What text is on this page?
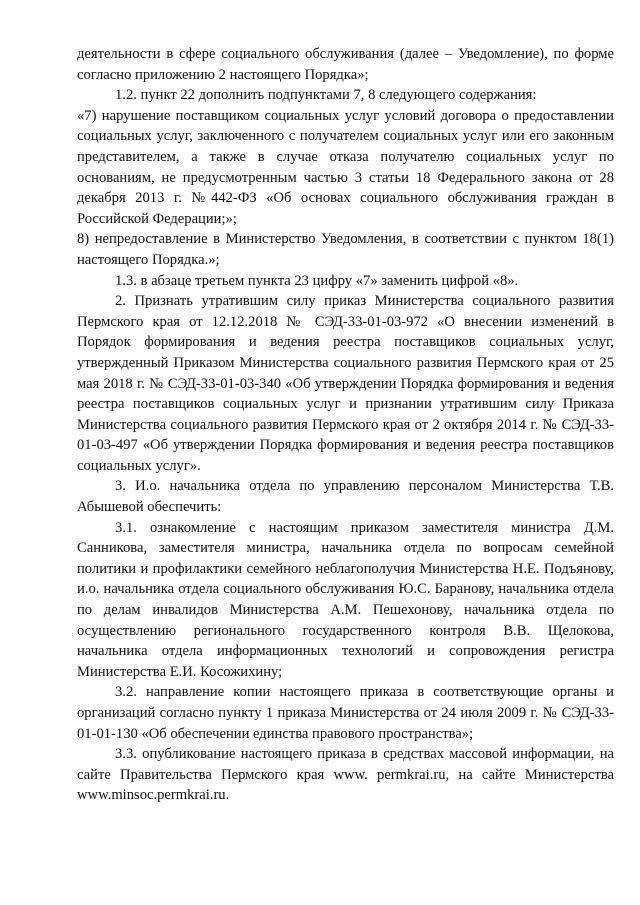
деятельности в сфере социального обслуживания (далее – Уведомление), по форме согласно приложению 2 настоящего Порядка»;

1.2. пункт 22 дополнить подпунктами 7, 8 следующего содержания:

«7) нарушение поставщиком социальных услуг условий договора о предоставлении социальных услуг, заключенного с получателем социальных услуг или его законным представителем, а также в случае отказа получателю социальных услуг по основаниям, не предусмотренным частью 3 статьи 18 Федерального закона от 28 декабря 2013 г. №442-ФЗ «Об основах социального обслуживания граждан в Российской Федерации;»;

8) непредоставление в Министерство Уведомления, в соответствии с пунктом 18(1) настоящего Порядка.»;

1.3. в абзаце третьем пункта 23 цифру «7» заменить цифрой «8».

2. Признать утратившим силу приказ Министерства социального развития Пермского края от 12.12.2018 № СЭД-33-01-03-972 «О внесении изменений в Порядок формирования и ведения реестра поставщиков социальных услуг, утвержденный Приказом Министерства социального развития Пермского края от 25 мая 2018 г. № СЭД-33-01-03-340 «Об утверждении Порядка формирования и ведения реестра поставщиков социальных услуг и признании утратившим силу Приказа Министерства социального развития Пермского края от 2 октября 2014 г. № СЭД-33-01-03-497 «Об утверждении Порядка формирования и ведения реестра поставщиков социальных услуг».

3. И.о. начальника отдела по управлению персоналом Министерства Т.В. Абышевой обеспечить:

3.1. ознакомление с настоящим приказом заместителя министра Д.М. Санникова, заместителя министра, начальника отдела по вопросам семейной политики и профилактики семейного неблагополучия Министерства Н.Е. Подъянову, и.о. начальника отдела социального обслуживания Ю.С. Баранову, начальника отдела по делам инвалидов Министерства А.М. Пешехонову, начальника отдела по осуществлению регионального государственного контроля В.В. Щелокова, начальника отдела информационных технологий и сопровождения регистра Министерства Е.И. Косожихину;

3.2. направление копии настоящего приказа в соответствующие органы и организаций согласно пункту 1 приказа Министерства от 24 июля 2009 г. № СЭД-33-01-01-130 «Об обеспечении единства правового пространства»;

3.3. опубликование настоящего приказа в средствах массовой информации, на сайте Правительства Пермского края www. permkrai.ru, на сайте Министерства www.minsoc.permkrai.ru.
